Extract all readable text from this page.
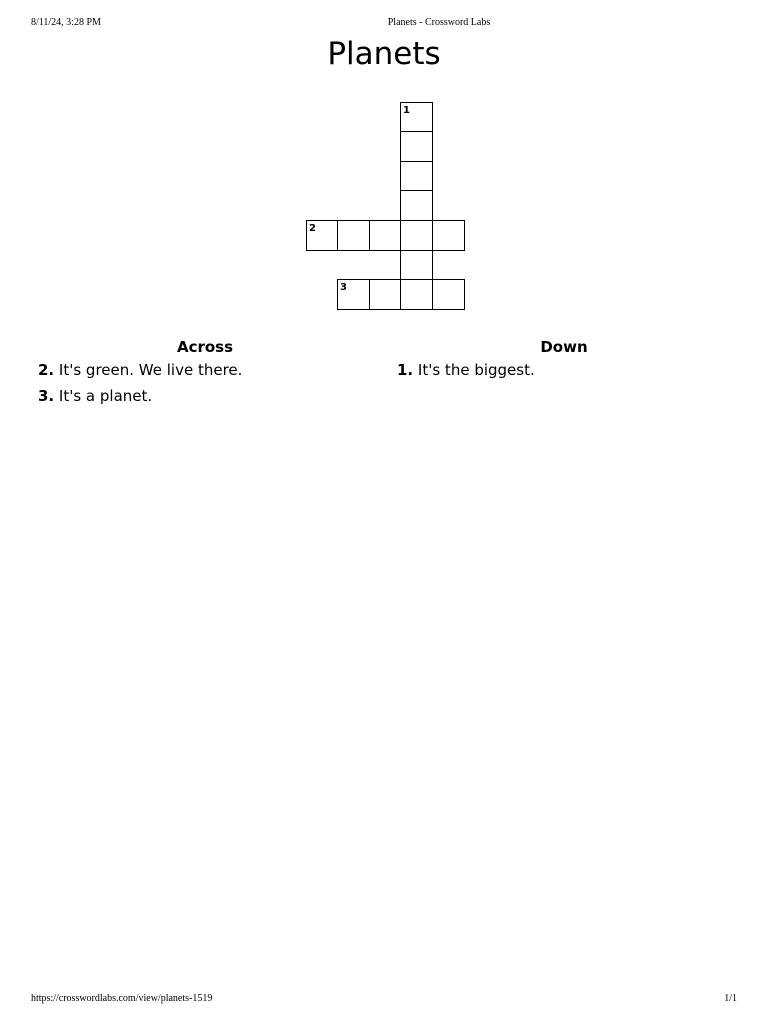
8/11/24, 3:28 PM	Planets - Crossword Labs
Planets
1
2
3
Across
2. It's green. We live there.
3. It's a planet.
Down
1. It's the biggest.
https://crosswordlabs.com/view/planets-1519	1/1
